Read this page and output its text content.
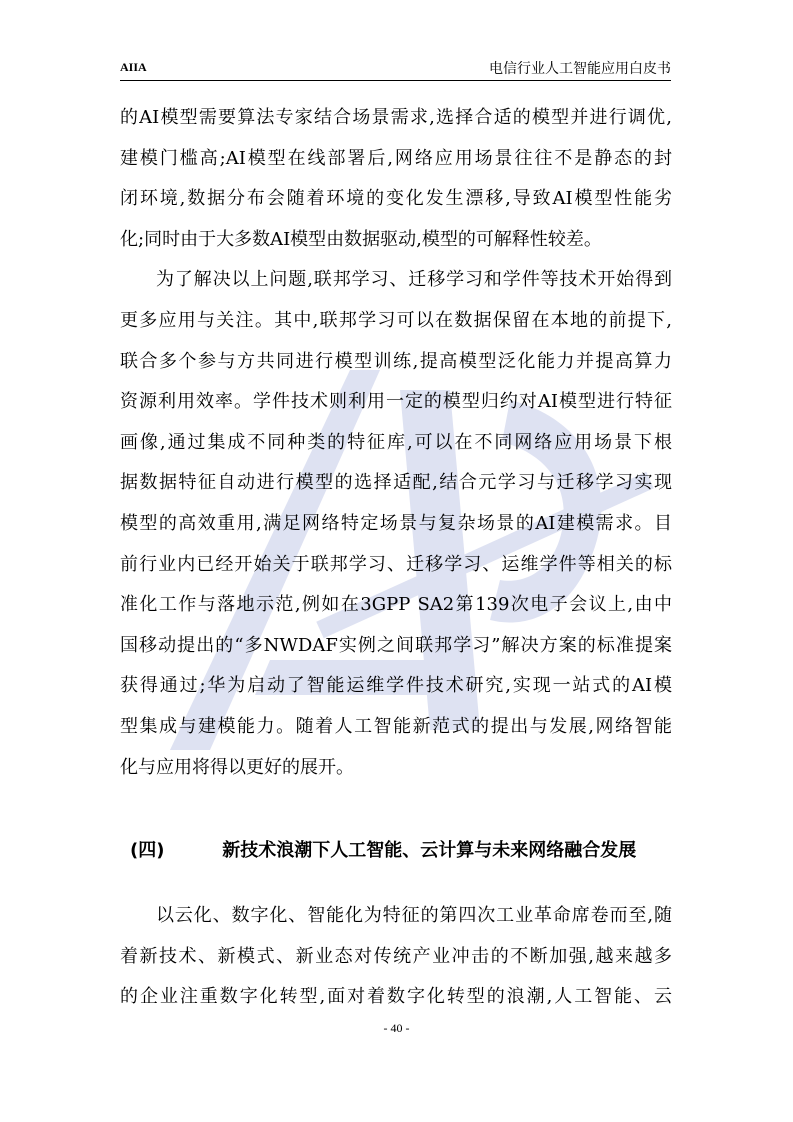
AIIA	电信行业人工智能应用白皮书
的AI模型需要算法专家结合场景需求,选择合适的模型并进行调优,
建模门槛高;AI模型在线部署后,网络应用场景往往不是静态的封
闭环境,数据分布会随着环境的变化发生漂移,导致AI模型性能劣
化;同时由于大多数AI模型由数据驱动,模型的可解释性较差。
为了解决以上问题,联邦学习、迁移学习和学件等技术开始得到
更多应用与关注。其中,联邦学习可以在数据保留在本地的前提下,
联合多个参与方共同进行模型训练,提高模型泛化能力并提高算力
资源利用效率。学件技术则利用一定的模型归约对AI模型进行特征
画像,通过集成不同种类的特征库,可以在不同网络应用场景下根
据数据特征自动进行模型的选择适配,结合元学习与迁移学习实现
模型的高效重用,满足网络特定场景与复杂场景的AI建模需求。目
前行业内已经开始关于联邦学习、迁移学习、运维学件等相关的标
准化工作与落地示范,例如在3GPP SA2第139次电子会议上,由中
国移动提出的“多NWDAF实例之间联邦学习”解决方案的标准提案
获得通过;华为启动了智能运维学件技术研究,实现一站式的AI模
型集成与建模能力。随着人工智能新范式的提出与发展,网络智能
化与应用将得以更好的展开。
(四)	新技术浪潮下人工智能、云计算与未来网络融合发展
以云化、数字化、智能化为特征的第四次工业革命席卷而至,随
着新技术、新模式、新业态对传统产业冲击的不断加强,越来越多
的企业注重数字化转型,面对着数字化转型的浪潮,人工智能、云
- 40 -
